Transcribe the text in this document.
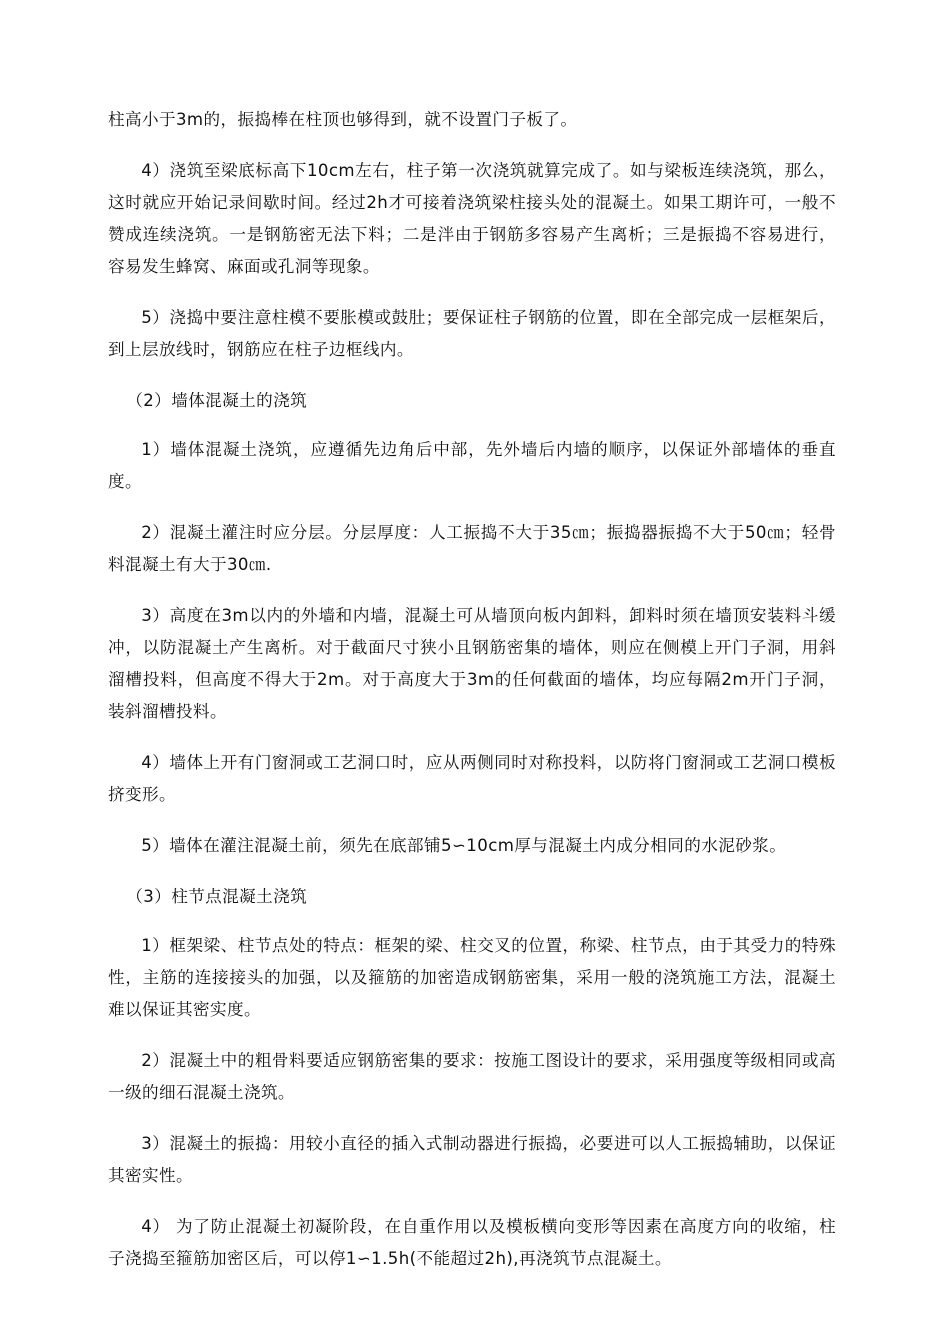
柱高小于3m的，振捣棒在柱顶也够得到，就不设置门子板了。

4）浇筑至梁底标高下10cm左右，柱子第一次浇筑就算完成了。如与梁板连续浇筑，那么，这时就应开始记录间歇时间。经过2h才可接着浇筑梁柱接头处的混凝土。如果工期许可，一般不赞成连续浇筑。一是钢筋密无法下料；二是泮由于钢筋多容易产生离析；三是振捣不容易进行，容易发生蜂窝、麻面或孔洞等现象。

5）浇捣中要注意柱模不要胀模或鼓肚；要保证柱子钢筋的位置，即在全部完成一层框架后，到上层放线时，钢筋应在柱子边框线内。

（2）墙体混凝土的浇筑

1）墙体混凝土浇筑，应遵循先边角后中部，先外墙后内墙的顺序，以保证外部墙体的垂直度。

2）混凝土灌注时应分层。分层厚度：人工振捣不大于35㎝；振捣器振捣不大于50㎝；轻骨料混凝土有大于30㎝.

3）高度在3m以内的外墙和内墙，混凝土可从墙顶向板内卸料，卸料时须在墙顶安装料斗缓冲，以防混凝土产生离析。对于截面尺寸狭小且钢筋密集的墙体，则应在侧模上开门子洞，用斜溜槽投料，但高度不得大于2m。对于高度大于3m的任何截面的墙体，均应每隔2m开门子洞，装斜溜槽投料。

4）墙体上开有门窗洞或工艺洞口时，应从两侧同时对称投料，以防将门窗洞或工艺洞口模板挤变形。

5）墙体在灌注混凝土前，须先在底部铺5∽10cm厚与混凝土内成分相同的水泥砂浆。

（3）柱节点混凝土浇筑

1）框架梁、柱节点处的特点：框架的梁、柱交叉的位置，称梁、柱节点，由于其受力的特殊性，主筋的连接接头的加强，以及箍筋的加密造成钢筋密集，采用一般的浇筑施工方法，混凝土难以保证其密实度。

2）混凝土中的粗骨料要适应钢筋密集的要求：按施工图设计的要求，采用强度等级相同或高一级的细石混凝土浇筑。

3）混凝土的振捣：用较小直径的插入式制动器进行振捣，必要进可以人工振捣辅助，以保证其密实性。

4） 为了防止混凝土初凝阶段，在自重作用以及模板横向变形等因素在高度方向的收缩，柱子浇捣至箍筋加密区后，可以停1∽1.5h(不能超过2h),再浇筑节点混凝土。
